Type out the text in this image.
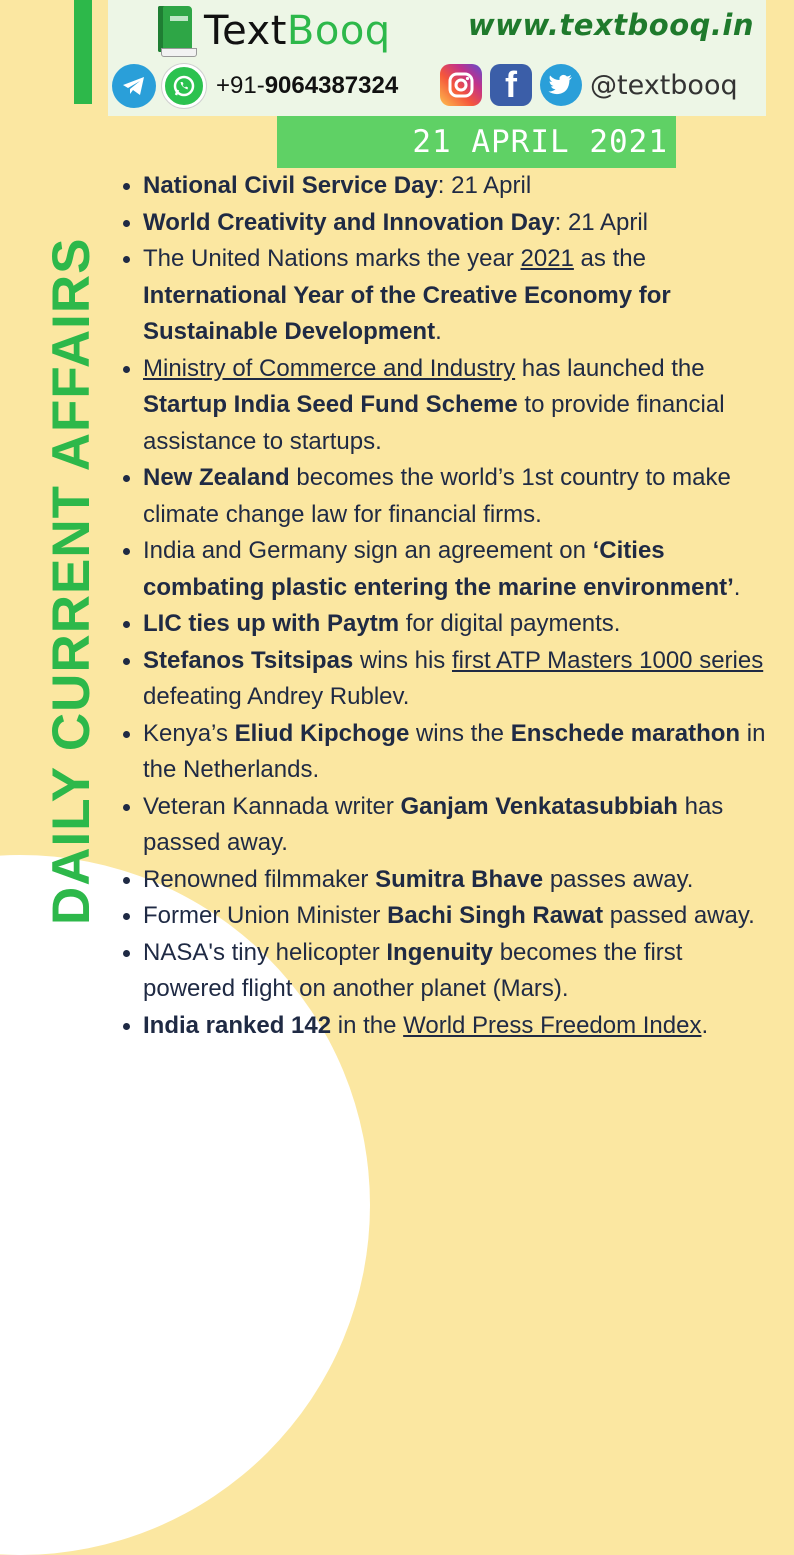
DAILY CURRENT AFFAIRS
TextBooq	www.textbooq.in
+91-9064387324	f	@textbooq
21 APRIL 2021
National Civil Service Day: 21 April
World Creativity and Innovation Day: 21 April
The United Nations marks the year 2021 as the International Year of the Creative Economy for Sustainable Development.
Ministry of Commerce and Industry has launched the Startup India Seed Fund Scheme to provide financial assistance to startups.
New Zealand becomes the world’s 1st country to make climate change law for financial firms.
India and Germany sign an agreement on ‘Cities combating plastic entering the marine environment’.
LIC ties up with Paytm for digital payments.
Stefanos Tsitsipas wins his first ATP Masters 1000 series defeating Andrey Rublev.
Kenya’s Eliud Kipchoge wins the Enschede marathon in the Netherlands.
Veteran Kannada writer Ganjam Venkatasubbiah has passed away.
Renowned filmmaker Sumitra Bhave passes away.
Former Union Minister Bachi Singh Rawat passed away.
NASA's tiny helicopter Ingenuity becomes the first powered flight on another planet (Mars).
India ranked 142 in the World Press Freedom Index.
